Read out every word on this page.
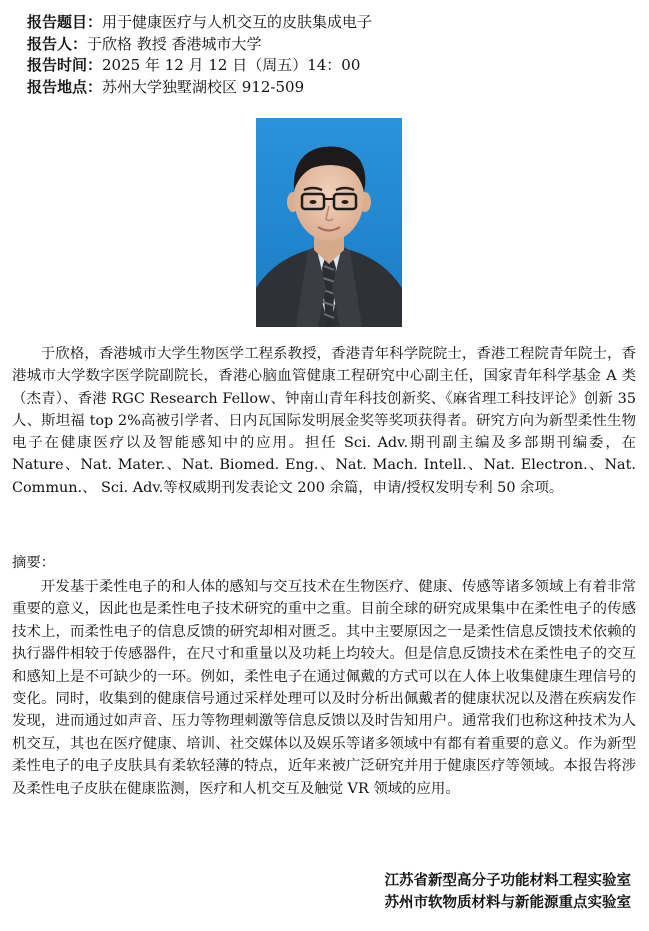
报告题目：用于健康医疗与人机交互的皮肤集成电子
报告人：于欣格 教授 香港城市大学
报告时间：2025 年 12 月 12 日（周五）14：00
报告地点：苏州大学独墅湖校区 912-509

于欣格，香港城市大学生物医学工程系教授，香港青年科学院院士，香港工程院青年院士，香港城市大学数字医学院副院长，香港心脑血管健康工程研究中心副主任，国家青年科学基金 A 类（杰青）、香港 RGC Research Fellow、钟南山青年科技创新奖、《麻省理工科技评论》创新 35 人、斯坦福 top 2%高被引学者、日内瓦国际发明展金奖等奖项获得者。研究方向为新型柔性生物电子在健康医疗以及智能感知中的应用。担任 Sci. Adv.期刊副主编及多部期刊编委，在 Nature、Nat. Mater.、Nat. Biomed. Eng.、Nat. Mach. Intell.、Nat. Electron.、Nat. Commun.、 Sci. Adv.等权威期刊发表论文 200 余篇，申请/授权发明专利 50 余项。

摘要：

开发基于柔性电子的和人体的感知与交互技术在生物医疗、健康、传感等诸多领域上有着非常重要的意义，因此也是柔性电子技术研究的重中之重。目前全球的研究成果集中在柔性电子的传感技术上，而柔性电子的信息反馈的研究却相对匮乏。其中主要原因之一是柔性信息反馈技术依赖的执行器件相较于传感器件，在尺寸和重量以及功耗上均较大。但是信息反馈技术在柔性电子的交互和感知上是不可缺少的一环。例如，柔性电子在通过佩戴的方式可以在人体上收集健康生理信号的变化。同时，收集到的健康信号通过采样处理可以及时分析出佩戴者的健康状况以及潜在疾病发作发现，进而通过如声音、压力等物理刺激等信息反馈以及时告知用户。通常我们也称这种技术为人机交互，其也在医疗健康、培训、社交媒体以及娱乐等诸多领域中有都有着重要的意义。作为新型柔性电子的电子皮肤具有柔软轻薄的特点，近年来被广泛研究并用于健康医疗等领域。本报告将涉及柔性电子皮肤在健康监测，医疗和人机交互及触觉 VR 领域的应用。

江苏省新型高分子功能材料工程实验室
苏州市软物质材料与新能源重点实验室
